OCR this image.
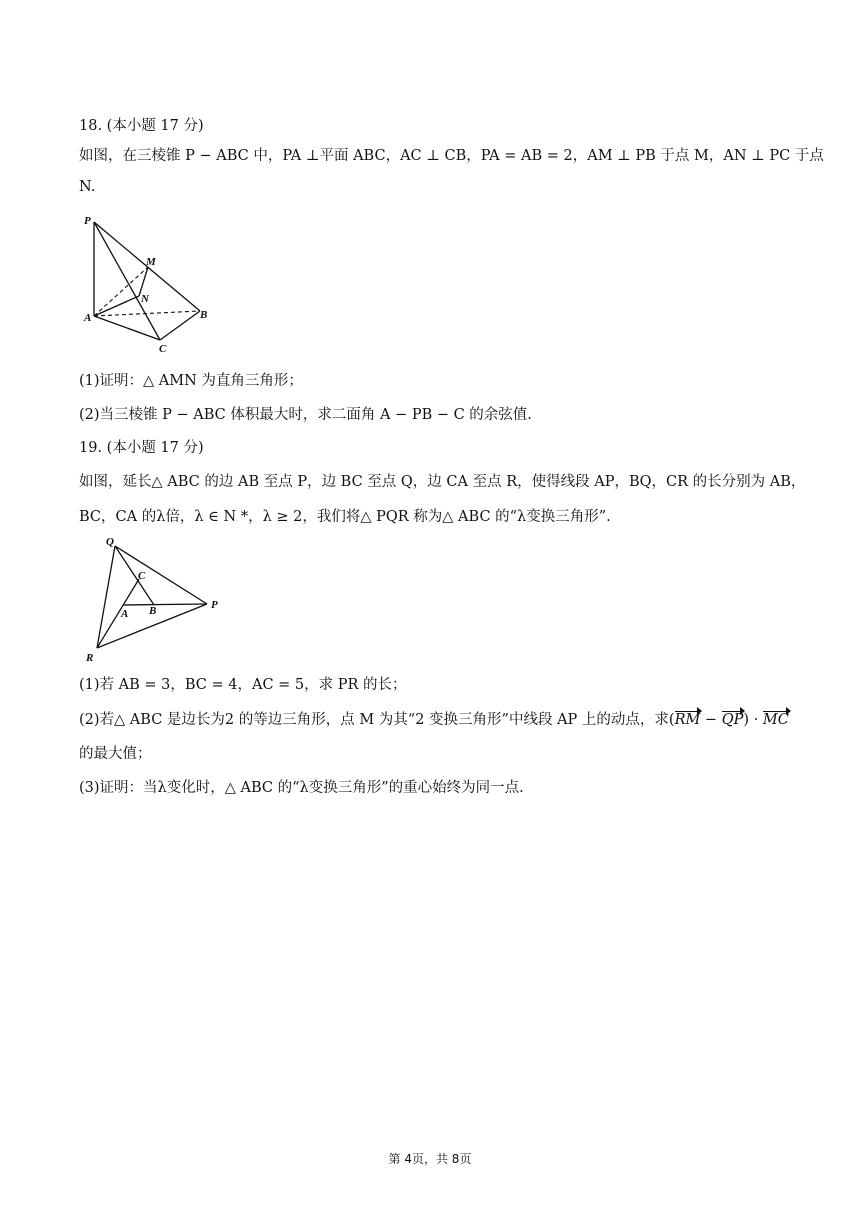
18. (本小题 17 分)
如图，在三棱锥 P − ABC 中，PA ⊥平面 ABC，AC ⊥ CB，PA = AB = 2，AM ⊥ PB 于点 M，AN ⊥ PC 于点
N.
P
M
N
A	B
C
(1)证明：△ AMN 为直角三角形；
(2)当三棱锥 P − ABC 体积最大时，求二面角 A − PB − C 的余弦值.
19. (本小题 17 分)
如图，延长△ ABC 的边 AB 至点 P，边 BC 至点 Q，边 CA 至点 R，使得线段 AP，BQ，CR 的长分别为 AB，
BC，CA 的λ倍，λ ∈ N *，λ ≥ 2，我们将△ PQR 称为△ ABC 的“λ变换三角形”.
Q
C
A B	P
R
(1)若 AB = 3，BC = 4，AC = 5，求 PR 的长；
(2)若△ ABC 是边长为2 的等边三角形，点 M 为其“2 变换三角形”中线段 AP 上的动点，求(RM − QP) · MC
的最大值；
(3)证明：当λ变化时，△ ABC 的“λ变换三角形”的重心始终为同一点.
第 4页，共 8页
